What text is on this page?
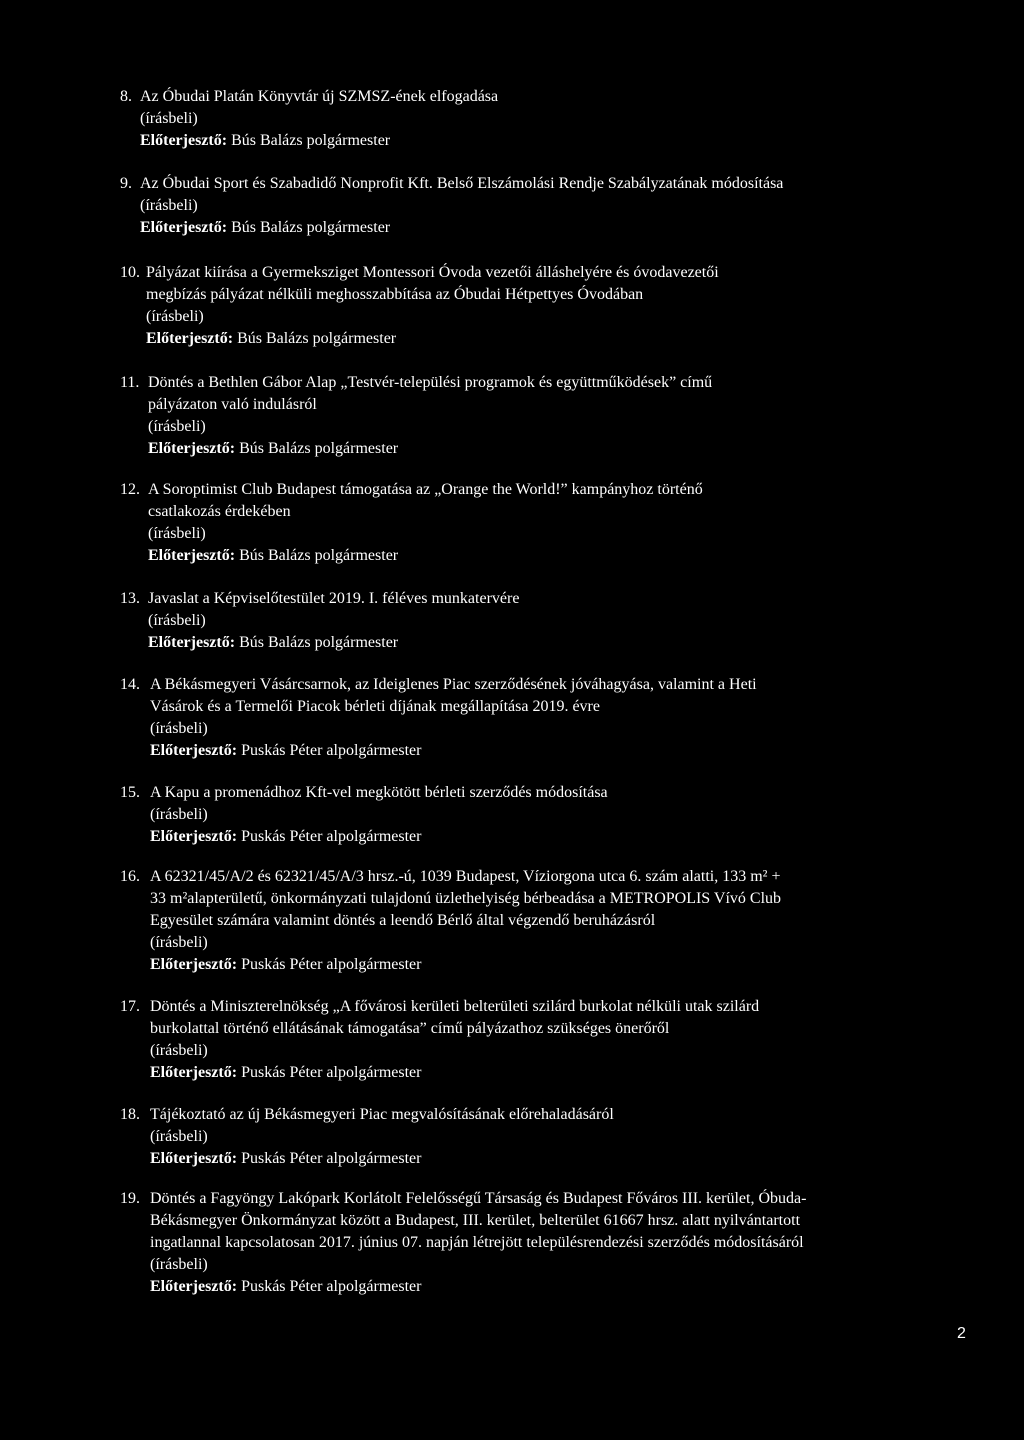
8. Az Óbudai Platán Könyvtár új SZMSZ-ének elfogadása
(írásbeli)
Előterjesztő: Bús Balázs polgármester
9. Az Óbudai Sport és Szabadidő Nonprofit Kft. Belső Elszámolási Rendje Szabályzatának módosítása
(írásbeli)
Előterjesztő: Bús Balázs polgármester
10. Pályázat kiírása a Gyermeksziget Montessori Óvoda vezetői álláshelyére és óvodavezetői
megbízás pályázat nélküli meghosszabbítása az Óbudai Hétpettyes Óvodában
(írásbeli)
Előterjesztő: Bús Balázs polgármester
11. Döntés a Bethlen Gábor Alap „Testvér-települési programok és együttműködések” című
pályázaton való indulásról
(írásbeli)
Előterjesztő: Bús Balázs polgármester
12. A Soroptimist Club Budapest támogatása az „Orange the World!” kampányhoz történő
csatlakozás érdekében
(írásbeli)
Előterjesztő: Bús Balázs polgármester
13. Javaslat a Képviselőtestület 2019. I. féléves munkatervére
(írásbeli)
Előterjesztő: Bús Balázs polgármester
14. A Békásmegyeri Vásárcsarnok, az Ideiglenes Piac szerződésének jóváhagyása, valamint a Heti
Vásárok és a Termelői Piacok bérleti díjának megállapítása 2019. évre
(írásbeli)
Előterjesztő: Puskás Péter alpolgármester
15. A Kapu a promenádhoz Kft-vel megkötött bérleti szerződés módosítása
(írásbeli)
Előterjesztő: Puskás Péter alpolgármester
16. A 62321/45/A/2 és 62321/45/A/3 hrsz.-ú, 1039 Budapest, Víziorgona utca 6. szám alatti, 133 m² +
33 m²alapterületű, önkormányzati tulajdonú üzlethelyiség bérbeadása a METROPOLIS Vívó Club
Egyesület számára valamint döntés a leendő Bérlő által végzendő beruházásról
(írásbeli)
Előterjesztő: Puskás Péter alpolgármester
17. Döntés a Miniszterelnökség „A fővárosi kerületi belterületi szilárd burkolat nélküli utak szilárd
burkolattal történő ellátásának támogatása” című pályázathoz szükséges önerőről
(írásbeli)
Előterjesztő: Puskás Péter alpolgármester
18. Tájékoztató az új Békásmegyeri Piac megvalósításának előrehaladásáról
(írásbeli)
Előterjesztő: Puskás Péter alpolgármester
19. Döntés a Fagyöngy Lakópark Korlátolt Felelősségű Társaság és Budapest Főváros III. kerület, Óbuda-
Békásmegyer Önkormányzat között a Budapest, III. kerület, belterület 61667 hrsz. alatt nyilvántartott
ingatlannal kapcsolatosan 2017. június 07. napján létrejött településrendezési szerződés módosításáról
(írásbeli)
Előterjesztő: Puskás Péter alpolgármester
2
